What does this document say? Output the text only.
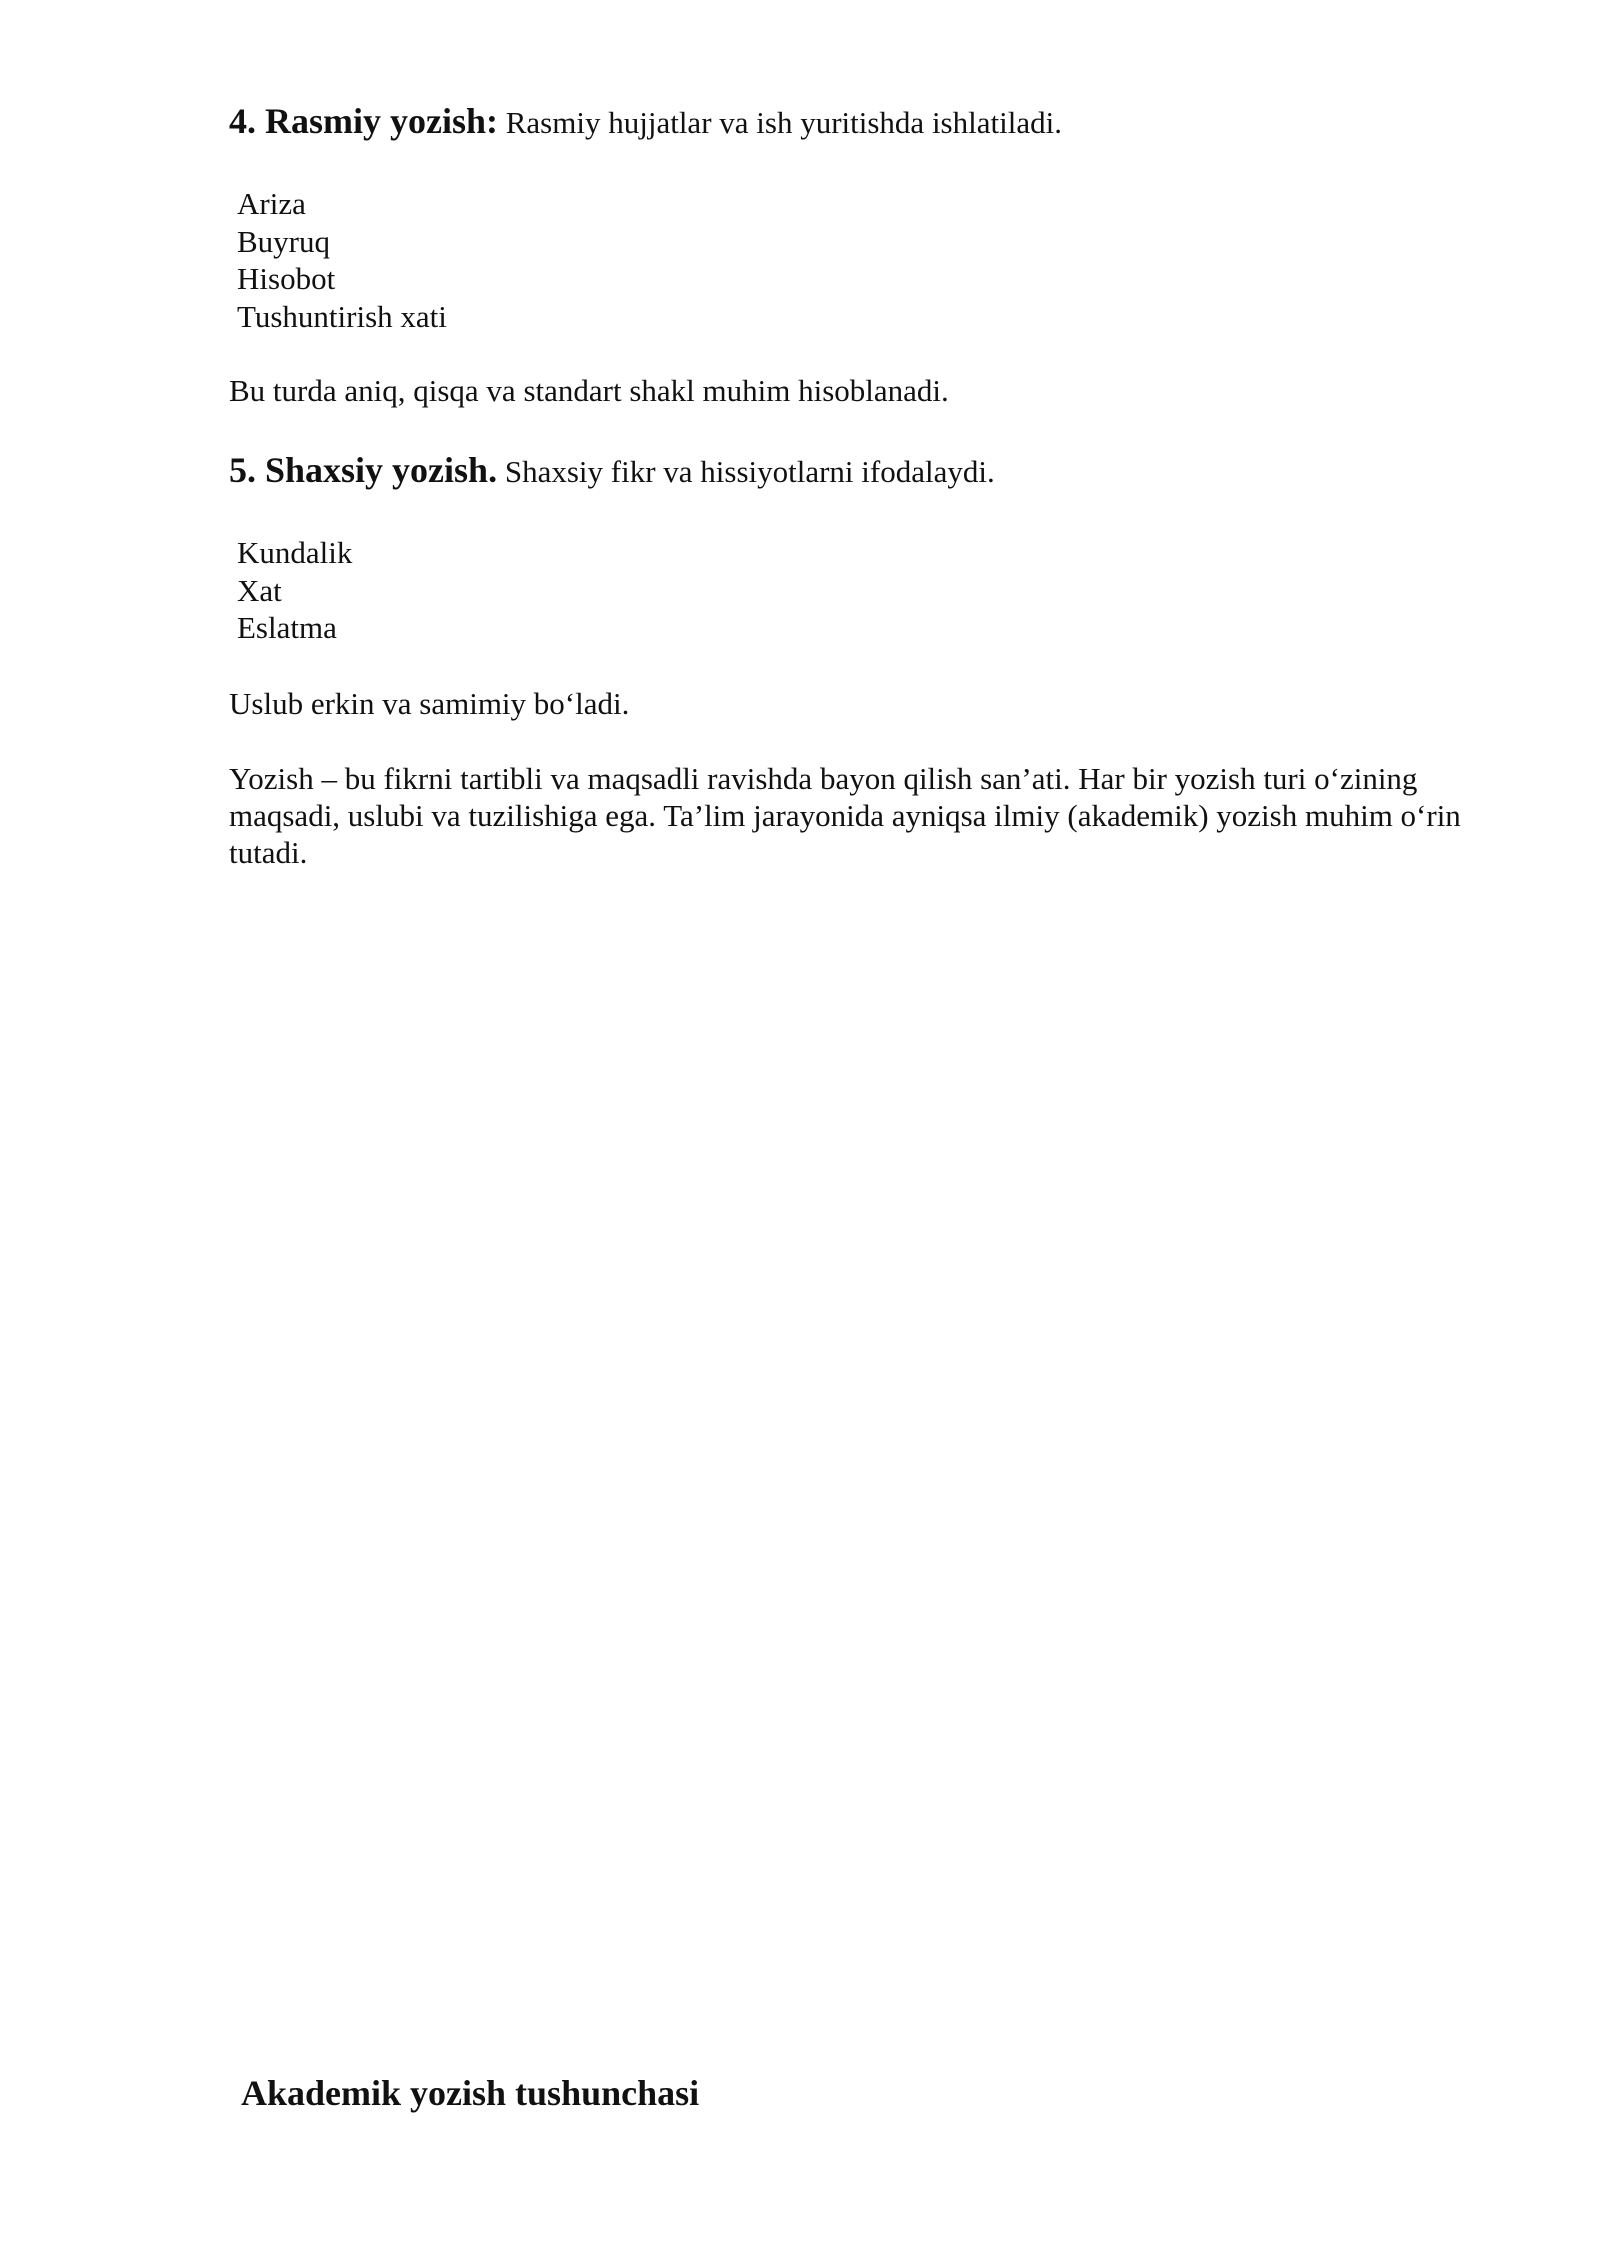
4. Rasmiy yozish: Rasmiy hujjatlar va ish yuritishda ishlatiladi.

Ariza
Buyruq
Hisobot
Tushuntirish xati

Bu turda aniq, qisqa va standart shakl muhim hisoblanadi.

5. Shaxsiy yozish. Shaxsiy fikr va hissiyotlarni ifodalaydi.

Kundalik
Xat
Eslatma

Uslub erkin va samimiy bo‘ladi.

Yozish – bu fikrni tartibli va maqsadli ravishda bayon qilish san’ati. Har bir yozish turi o‘zining maqsadi, uslubi va tuzilishiga ega. Ta’lim jarayonida ayniqsa ilmiy (akademik) yozish muhim o‘rin tutadi.

Akademik yozish tushunchasi
